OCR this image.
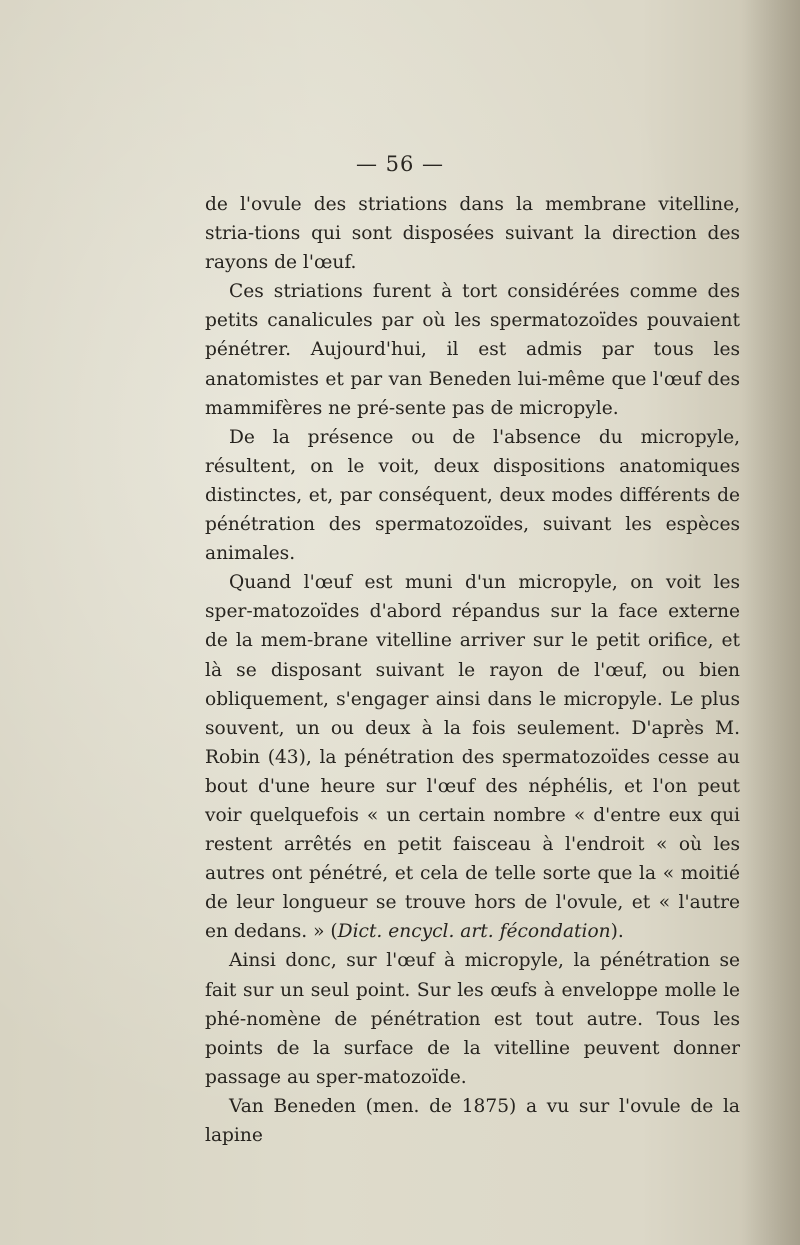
— 56 —

de l'ovule des striations dans la membrane vitelline, stria-tions qui sont disposées suivant la direction des rayons de l'œuf.

Ces striations furent à tort considérées comme des petits canalicules par où les spermatozoïdes pouvaient pénétrer. Aujourd'hui, il est admis par tous les anatomistes et par van Beneden lui-même que l'œuf des mammifères ne pré-sente pas de micropyle.

De la présence ou de l'absence du micropyle, résultent, on le voit, deux dispositions anatomiques distinctes, et, par conséquent, deux modes différents de pénétration des spermatozoïdes, suivant les espèces animales.

Quand l'œuf est muni d'un micropyle, on voit les sper-matozoïdes d'abord répandus sur la face externe de la mem-brane vitelline arriver sur le petit orifice, et là se disposant suivant le rayon de l'œuf, ou bien obliquement, s'engager ainsi dans le micropyle. Le plus souvent, un ou deux à la fois seulement. D'après M. Robin (43), la pénétration des spermatozoïdes cesse au bout d'une heure sur l'œuf des néphélis, et l'on peut voir quelquefois « un certain nombre « d'entre eux qui restent arrêtés en petit faisceau à l'endroit « où les autres ont pénétré, et cela de telle sorte que la « moitié de leur longueur se trouve hors de l'ovule, et « l'autre en dedans. » (Dict. encycl. art. fécondation).

Ainsi donc, sur l'œuf à micropyle, la pénétration se fait sur un seul point. Sur les œufs à enveloppe molle le phé-nomène de pénétration est tout autre. Tous les points de la surface de la vitelline peuvent donner passage au sper-matozoïde.

Van Beneden (men. de 1875) a vu sur l'ovule de la lapine
